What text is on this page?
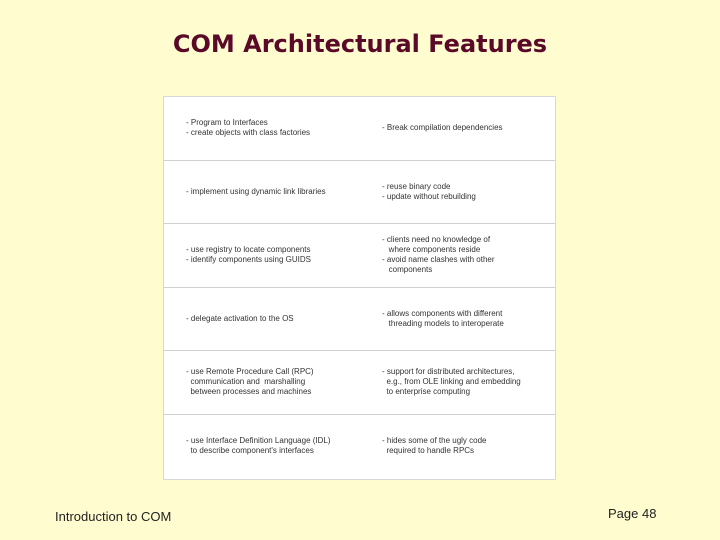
COM Architectural Features
- Program to Interfaces
- create objects with class factories
- Break compilation dependencies
- implement using dynamic link libraries
- reuse binary code
- update without rebuilding
- use registry to locate components
- identify components using GUIDS
- clients need no knowledge of
where components reside
- avoid name clashes with other
components
- delegate activation to the OS
- allows components with different
threading models to interoperate
- use Remote Procedure Call (RPC)
communication and  marshalling
between processes and machines
- support for distributed architectures,
e.g., from OLE linking and embedding
to enterprise computing
- use Interface Definition Language (IDL)
to describe component's interfaces
- hides some of the ugly code
required to handle RPCs
Introduction to COM	Page 48
